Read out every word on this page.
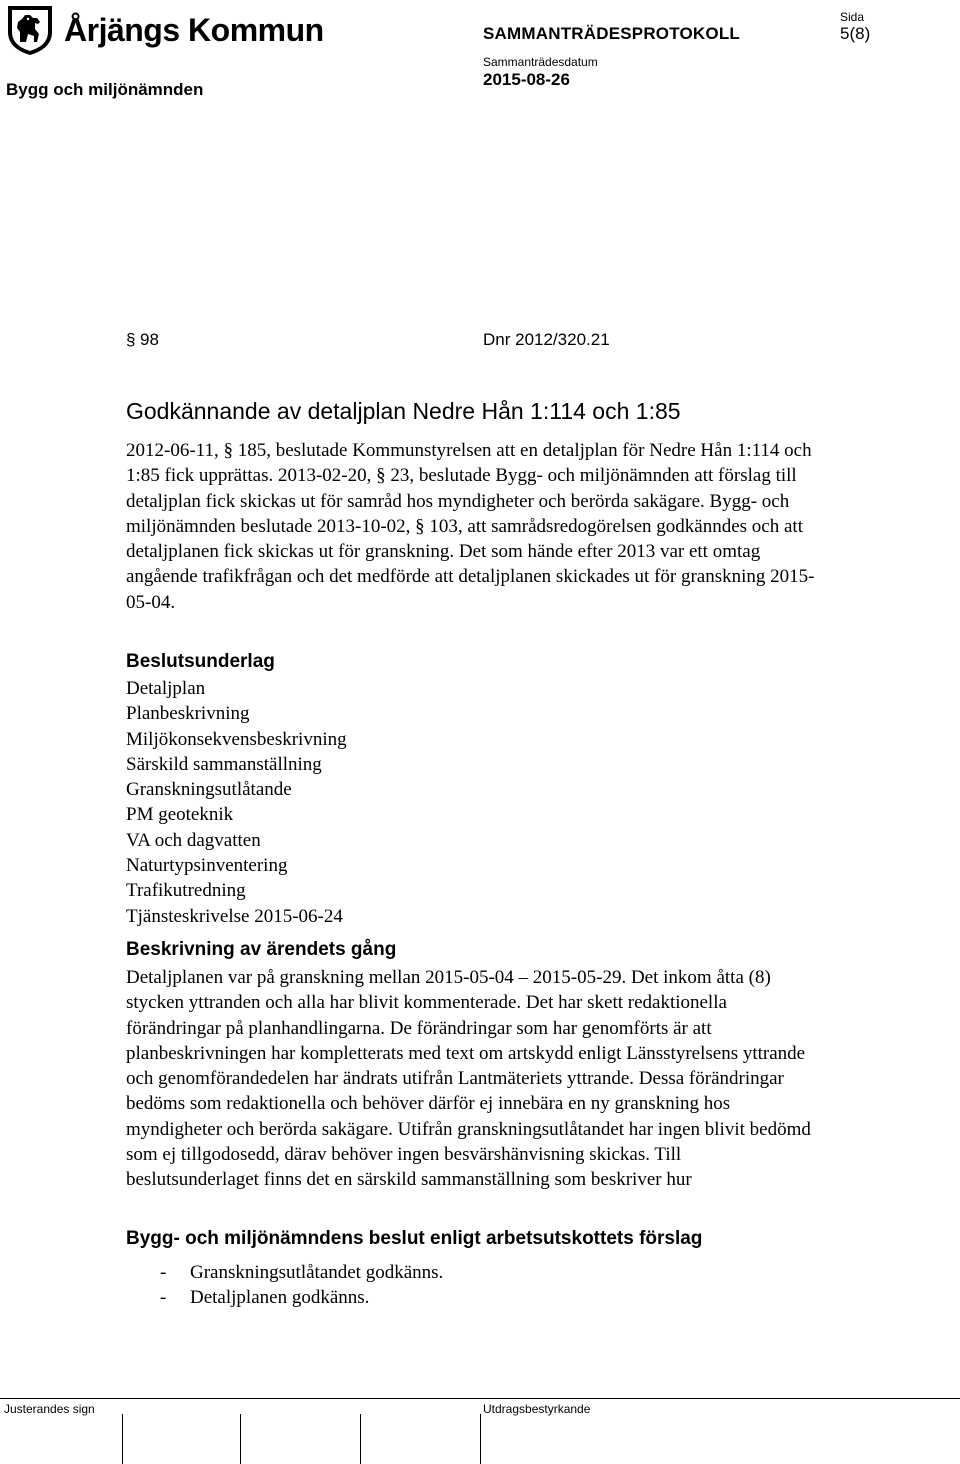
Årjängs Kommun
Bygg och miljönämnden
SAMMANTRÄDESPROTOKOLL
Sammanträdesdatum
2015-08-26
Sida
5(8)
§ 98	Dnr 2012/320.21
Godkännande av detaljplan Nedre Hån 1:114 och 1:85

2012-06-11, § 185, beslutade Kommunstyrelsen att en detaljplan för Nedre Hån 1:114 och 1:85 fick upprättas. 2013-02-20, § 23, beslutade Bygg- och miljönämnden att förslag till detaljplan fick skickas ut för samråd hos myndigheter och berörda sakägare. Bygg- och miljönämnden beslutade 2013-10-02, § 103, att samrådsredogörelsen godkänndes och att detaljplanen fick skickas ut för granskning. Det som hände efter 2013 var ett omtag angående trafikfrågan och det medförde att detaljplanen skickades ut för granskning 2015-05-04.

Beslutsunderlag
Detaljplan
Planbeskrivning
Miljökonsekvensbeskrivning
Särskild sammanställning
Granskningsutlåtande
PM geoteknik
VA och dagvatten
Naturtypsinventering
Trafikutredning
Tjänsteskrivelse 2015-06-24
Beskrivning av ärendets gång

Detaljplanen var på granskning mellan 2015-05-04 – 2015-05-29. Det inkom åtta (8) stycken yttranden och alla har blivit kommenterade. Det har skett redaktionella förändringar på planhandlingarna. De förändringar som har genomförts är att planbeskrivningen har kompletterats med text om artskydd enligt Länsstyrelsens yttrande och genomförandedelen har ändrats utifrån Lantmäteriets yttrande. Dessa förändringar bedöms som redaktionella och behöver därför ej innebära en ny granskning hos myndigheter och berörda sakägare. Utifrån granskningsutlåtandet har ingen blivit bedömd som ej tillgodosedd, därav behöver ingen besvärshänvisning skickas. Till beslutsunderlaget finns det en särskild sammanställning som beskriver hur

Bygg- och miljönämndens beslut enligt arbetsutskottets förslag
- Granskningsutlåtandet godkänns.
- Detaljplanen godkänns.
Justerandes sign	Utdragsbestyrkande
